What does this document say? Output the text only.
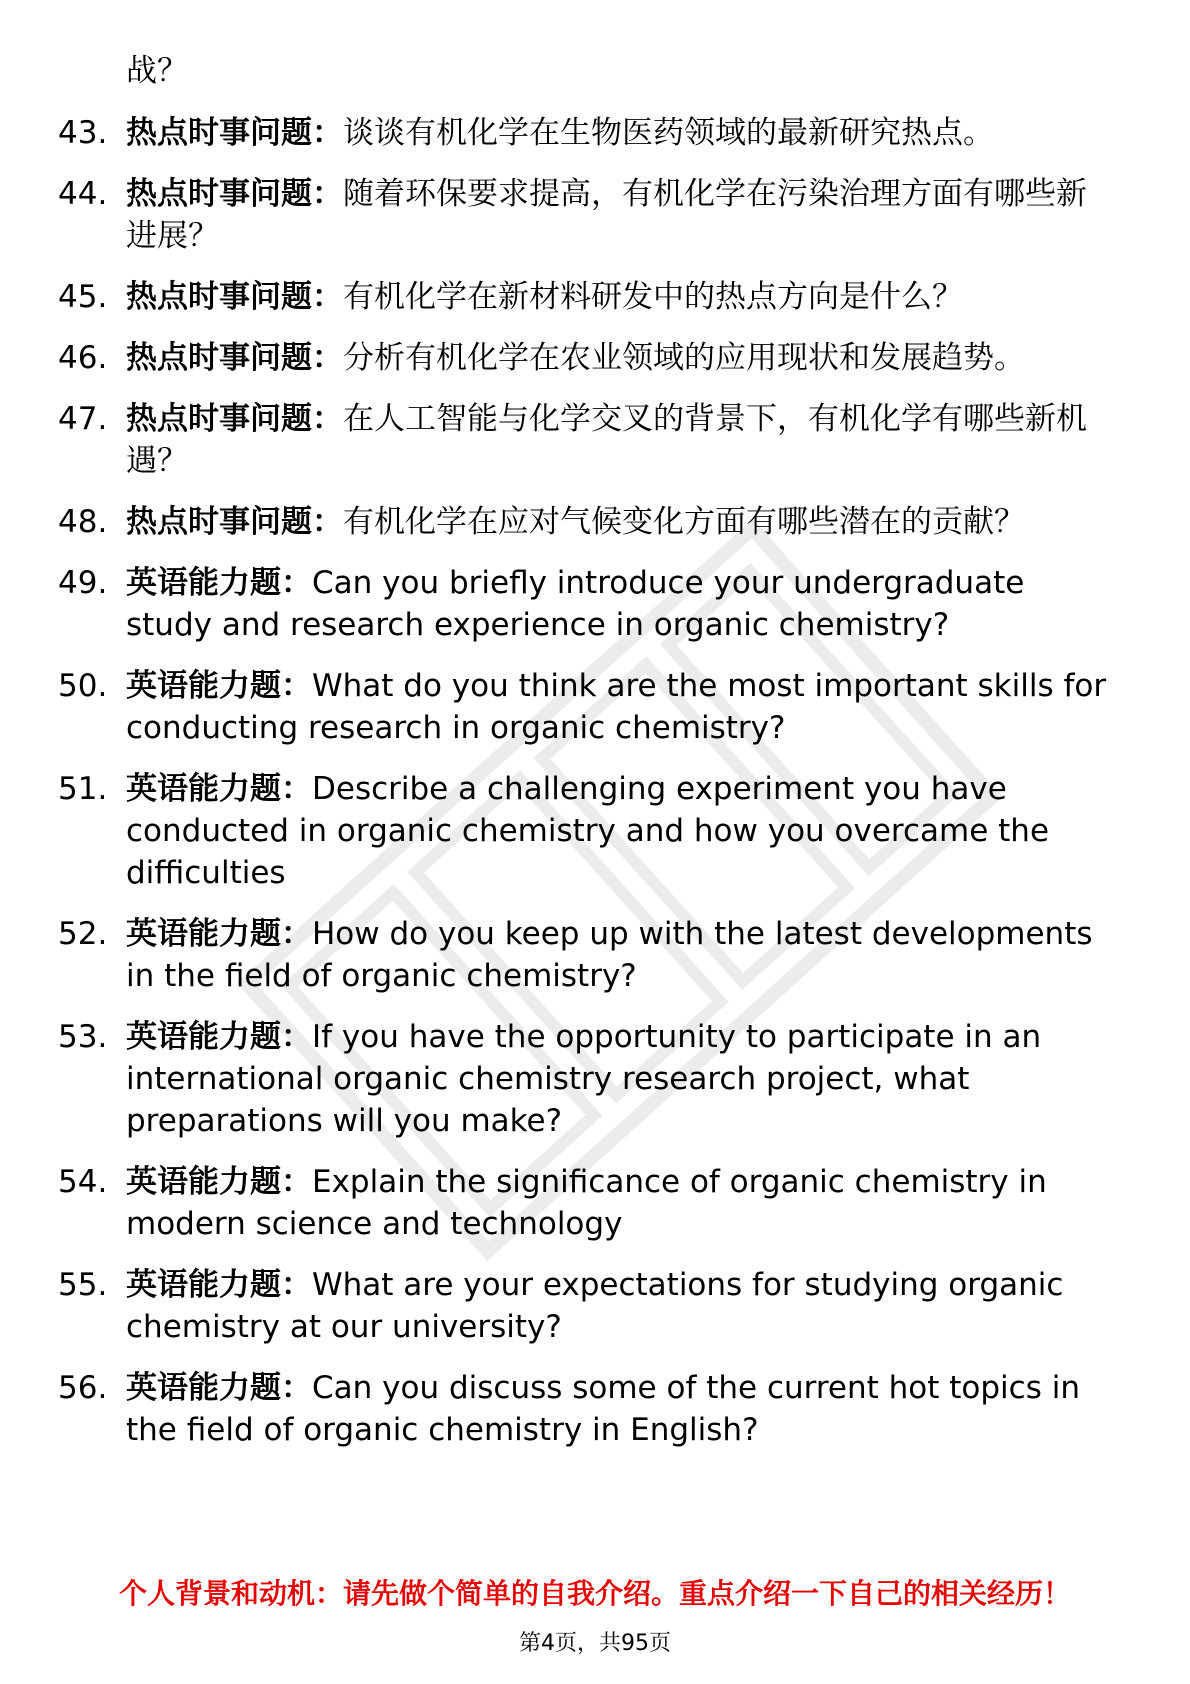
战？
43. 热点时事问题：谈谈有机化学在生物医药领域的最新研究热点。
44. 热点时事问题：随着环保要求提高，有机化学在污染治理方面有哪些新进展？
45. 热点时事问题：有机化学在新材料研发中的热点方向是什么？
46. 热点时事问题：分析有机化学在农业领域的应用现状和发展趋势。
47. 热点时事问题：在人工智能与化学交叉的背景下，有机化学有哪些新机遇？
48. 热点时事问题：有机化学在应对气候变化方面有哪些潜在的贡献？
49. 英语能力题：Can you briefly introduce your undergraduate study and research experience in organic chemistry?
50. 英语能力题：What do you think are the most important skills for conducting research in organic chemistry?
51. 英语能力题：Describe a challenging experiment you have conducted in organic chemistry and how you overcame the difficulties
52. 英语能力题：How do you keep up with the latest developments in the field of organic chemistry?
53. 英语能力题：If you have the opportunity to participate in an international organic chemistry research project, what preparations will you make?
54. 英语能力题：Explain the significance of organic chemistry in modern science and technology
55. 英语能力题：What are your expectations for studying organic chemistry at our university?
56. 英语能力题：Can you discuss some of the current hot topics in the field of organic chemistry in English?
个人背景和动机：请先做个简单的自我介绍。重点介绍一下自己的相关经历！
第4页，共95页
